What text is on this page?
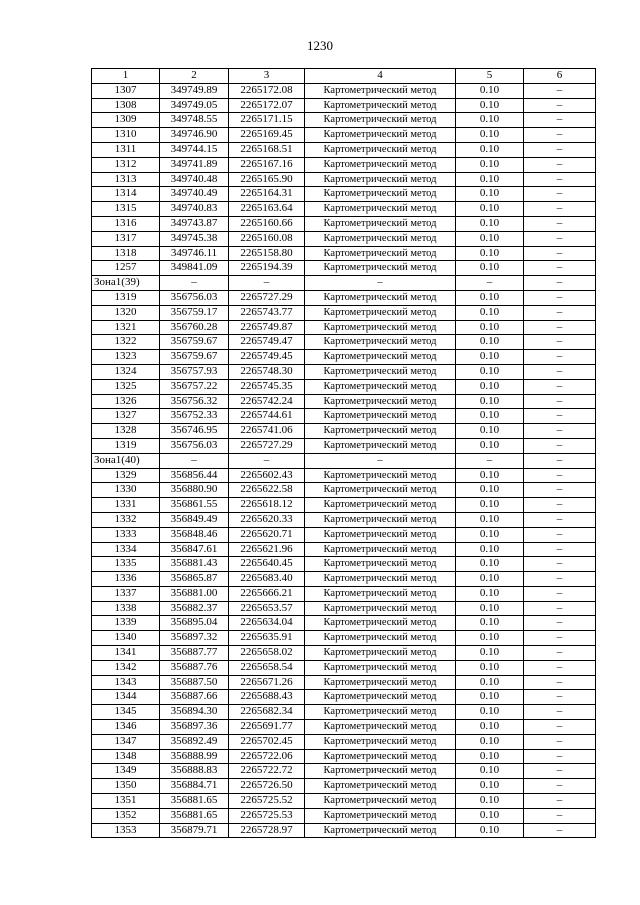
1230
1	2	3	4	5	6
1307	349749.89	2265172.08	Картометрический метод	0.10	–
1308	349749.05	2265172.07	Картометрический метод	0.10	–
1309	349748.55	2265171.15	Картометрический метод	0.10	–
1310	349746.90	2265169.45	Картометрический метод	0.10	–
1311	349744.15	2265168.51	Картометрический метод	0.10	–
1312	349741.89	2265167.16	Картометрический метод	0.10	–
1313	349740.48	2265165.90	Картометрический метод	0.10	–
1314	349740.49	2265164.31	Картометрический метод	0.10	–
1315	349740.83	2265163.64	Картометрический метод	0.10	–
1316	349743.87	2265160.66	Картометрический метод	0.10	–
1317	349745.38	2265160.08	Картометрический метод	0.10	–
1318	349746.11	2265158.80	Картометрический метод	0.10	–
1257	349841.09	2265194.39	Картометрический метод	0.10	–
Зона1(39)	–	–	–	–	–
1319	356756.03	2265727.29	Картометрический метод	0.10	–
1320	356759.17	2265743.77	Картометрический метод	0.10	–
1321	356760.28	2265749.87	Картометрический метод	0.10	–
1322	356759.67	2265749.47	Картометрический метод	0.10	–
1323	356759.67	2265749.45	Картометрический метод	0.10	–
1324	356757.93	2265748.30	Картометрический метод	0.10	–
1325	356757.22	2265745.35	Картометрический метод	0.10	–
1326	356756.32	2265742.24	Картометрический метод	0.10	–
1327	356752.33	2265744.61	Картометрический метод	0.10	–
1328	356746.95	2265741.06	Картометрический метод	0.10	–
1319	356756.03	2265727.29	Картометрический метод	0.10	–
Зона1(40)	–	–	–	–	–
1329	356856.44	2265602.43	Картометрический метод	0.10	–
1330	356880.90	2265622.58	Картометрический метод	0.10	–
1331	356861.55	2265618.12	Картометрический метод	0.10	–
1332	356849.49	2265620.33	Картометрический метод	0.10	–
1333	356848.46	2265620.71	Картометрический метод	0.10	–
1334	356847.61	2265621.96	Картометрический метод	0.10	–
1335	356881.43	2265640.45	Картометрический метод	0.10	–
1336	356865.87	2265683.40	Картометрический метод	0.10	–
1337	356881.00	2265666.21	Картометрический метод	0.10	–
1338	356882.37	2265653.57	Картометрический метод	0.10	–
1339	356895.04	2265634.04	Картометрический метод	0.10	–
1340	356897.32	2265635.91	Картометрический метод	0.10	–
1341	356887.77	2265658.02	Картометрический метод	0.10	–
1342	356887.76	2265658.54	Картометрический метод	0.10	–
1343	356887.50	2265671.26	Картометрический метод	0.10	–
1344	356887.66	2265688.43	Картометрический метод	0.10	–
1345	356894.30	2265682.34	Картометрический метод	0.10	–
1346	356897.36	2265691.77	Картометрический метод	0.10	–
1347	356892.49	2265702.45	Картометрический метод	0.10	–
1348	356888.99	2265722.06	Картометрический метод	0.10	–
1349	356888.83	2265722.72	Картометрический метод	0.10	–
1350	356884.71	2265726.50	Картометрический метод	0.10	–
1351	356881.65	2265725.52	Картометрический метод	0.10	–
1352	356881.65	2265725.53	Картометрический метод	0.10	–
1353	356879.71	2265728.97	Картометрический метод	0.10	–
